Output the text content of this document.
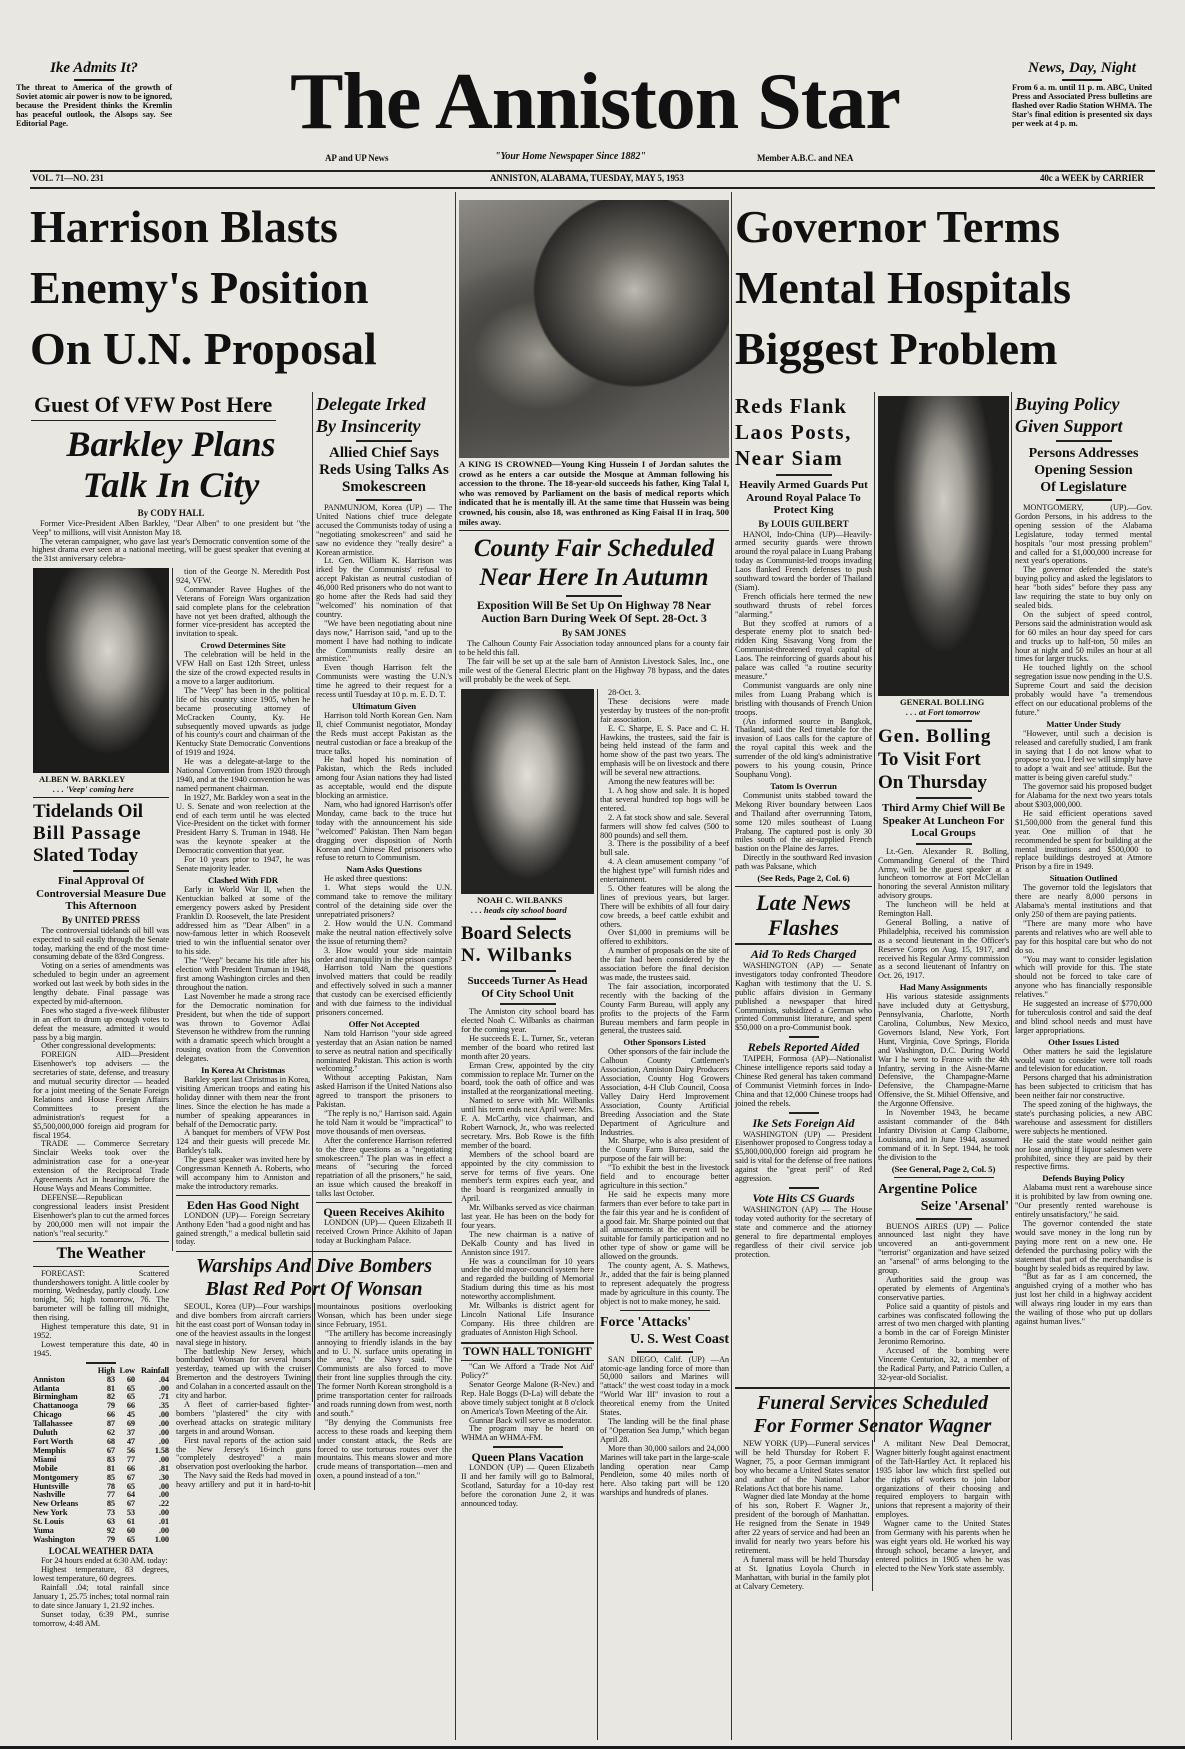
Ike Admits It?
The threat to America of the growth of Soviet atomic air power is now to be ignored, because the President thinks the Kremlin has peaceful outlook, the Alsops say. See Editorial Page.	The Anniston Star
AP and UP News	"Your Home Newspaper Since 1882"	Member A.B.C. and NEA
News, Day, Night
From 6 a. m. until 11 p. m. ABC, United Press and Associated Press bulletins are flashed over Radio Station WHMA. The Star's final edition is presented six days per week at 4 p. m.
VOL. 71—NO. 231	ANNISTON, ALABAMA, TUESDAY, MAY 5, 1953	40c a WEEK by CARRIER
Harrison Blasts
Enemy's Position
On U.N. Proposal
Governor Terms
Mental Hospitals
Biggest Problem
Guest Of VFW Post Here
Barkley Plans
Talk In City
By CODY HALL

Former Vice-President Alben Barkley, "Dear Alben" to one president but "the Veep" to millions, will visit Anniston May 18.

The veteran campaigner, who gave last year's Democratic convention some of the highest drama ever seen at a national meeting, will be guest speaker that evening at the 31st anniversary celebra-

ALBEN W. BARKLEY
. . . 'Veep' coming here
Tidelands Oil
Bill Passage
Slated Today
Final Approval Of Controversial Measure Due This Afternoon
By UNITED PRESS

The controversial tidelands oil bill was expected to sail easily through the Senate today, marking the end of the most time-consuming debate of the 83rd Congress.

Voting on a series of amendments was scheduled to begin under an agreement worked out last week by both sides in the lengthy debate. Final passage was expected by mid-afternoon.

Foes who staged a five-week filibuster in an effort to drum up enough votes to defeat the measure, admitted it would pass by a big margin.

Other congressional developments:

FOREIGN AID—President Eisenhower's top advisers — the secretaries of state, defense, and treasury and mutual security director — headed for a joint meeting of the Senate Foreign Relations and House Foreign Affairs Committees to present the administration's request for a $5,500,000,000 foreign aid program for fiscal 1954.

TRADE — Commerce Secretary Sinclair Weeks took over the administration case for a one-year extension of the Reciprocal Trade Agreements Act in hearings before the House Ways and Means Committee.

DEFENSE—Republican congressional leaders insist President Eisenhower's plan to cut the armed forces by 200,000 men will not impair the nation's "real security."

The Weather

FORECAST: Scattered thundershowers tonight. A little cooler by morning. Wednesday, partly cloudy. Low tonight, 56; high tomorrow, 76. The barometer will be falling till midnight, then rising.

Highest temperature this date, 91 in 1952.

Lowest temperature this date, 40 in 1945.

	High	Low	Rainfall
Anniston	83	60	.04
Atlanta	81	65	.00
Birmingham	82	65	.71
Chattanooga	79	66	.35
Chicago	66	45	.00
Tallahassee	87	69	.00
Duluth	62	37	.00
Fort Worth	68	47	.00
Memphis	67	56	1.58
Miami	83	77	.00
Mobile	81	66	.81
Montgomery	85	67	.30
Huntsville	78	65	.00
Nashville	77	64	.00
New Orleans	85	67	.22
New York	73	53	.00
St. Louis	63	61	.01
Yuma	92	60	.00
Washington	79	65	1.00
LOCAL WEATHER DATA

For 24 hours ended at 6:30 AM. today:

Highest temperature, 83 degrees, lowest temperature, 60 degrees.

Rainfall .04; total rainfall since January 1, 25.75 inches; total normal rain to date since January 1, 21.92 inches.

Sunset today, 6:39 PM., sunrise tomorrow, 4:48 AM.

tion of the George N. Meredith Post 924, VFW.

Commander Ravee Hughes of the Veterans of Foreign Wars organization said complete plans for the celebration have not yet been drafted, although the former vice-president has accepted the invitation to speak.

Crowd Determines Site

The celebration will be held in the VFW Hall on East 12th Street, unless the size of the crowd expected results in a move to a larger auditorium.

The "Veep" has been in the political life of his country since 1905, when he became prosecuting attorney of McCracken County, Ky. He subsequently moved upwards as judge of his county's court and chairman of the Kentucky State Democratic Conventions of 1919 and 1924.

He was a delegate-at-large to the National Convention from 1920 through 1940, and at the 1940 convention he was named permanent chairman.

In 1927, Mr. Barkley won a seat in the U. S. Senate and won reelection at the end of each term until he was elected Vice-President on the ticket with former President Harry S. Truman in 1948. He was the keynote speaker at the Democratic convention that year.

For 10 years prior to 1947, he was Senate majority leader.

Clashed With FDR

Early in World War II, when the Kentuckian balked at some of the emergency powers asked by President Franklin D. Roosevelt, the late President addressed him as "Dear Alben" in a now-famous letter in which Roosevelt tried to win the influential senator over to his side.

The "Veep" became his title after his election with President Truman in 1948, first among Washington circles and then throughout the nation.

Last November he made a strong race for the Democratic nomination for President, but when the tide of support was thrown to Governor Adlai Stevenson he withdrew from the running with a dramatic speech which brought a rousing ovation from the Convention delegates.

In Korea At Christmas

Barkley spent last Christmas in Korea, visiting American troops and eating his holiday dinner with them near the front lines. Since the election he has made a number of speaking appearances in behalf of the Democratic party.

A banquet for members of VFW Post 124 and their guests will precede Mr. Barkley's talk.

The guest speaker was invited here by Congressman Kenneth A. Roberts, who will accompany him to Anniston and make the introductory remarks.

Eden Has Good Night

LONDON (UP)— Foreign Secretary Anthony Eden "had a good night and has gained strength," a medical bulletin said today.

Delegate Irked
By Insincerity
Allied Chief Says Reds Using Talks As Smokescreen

PANMUNJOM, Korea (UP) — The United Nations chief truce delegate accused the Communists today of using a "negotiating smokescreen" and said he saw no evidence they "really desire" a Korean armistice.

Lt. Gen. William K. Harrison was irked by the Communists' refusal to accept Pakistan as neutral custodian of 46,000 Red prisoners who do not want to go home after the Reds had said they "welcomed" his nomination of that country.

"We have been negotiating about nine days now," Harrison said, "and up to the moment I have had nothing to indicate the Communists really desire an armistice."

Even though Harrison felt the Communists were wasting the U.N.'s time he agreed to their request for a recess until Tuesday at 10 p. m. E. D. T.

Ultimatum Given

Harrison told North Korean Gen. Nam Il, chief Communist negotiator, Monday the Reds must accept Pakistan as the neutral custodian or face a breakup of the truce talks.

He had hoped his nomination of Pakistan, which the Reds included among four Asian nations they had listed as acceptable, would end the dispute blocking an armistice.

Nam, who had ignored Harrison's offer Monday, came back to the truce hut today with the announcement his side "welcomed" Pakistan. Then Nam began dragging over disposition of North Korean and Chinese Red prisoners who refuse to return to Communism.

Nam Asks Questions

He asked three questions:

1. What steps would the U.N. command take to remove the military control of the detaining side over the unrepatriated prisoners?

2. How would the U.N. Command make the neutral nation effectively solve the issue of returning them?

3. How would your side maintain order and tranquility in the prison camps?

Harrison told Nam the questions involved matters that could be readily and effectively solved in such a manner that custody can be exercised efficiently and with due fairness to the individual prisoners concerned.

Offer Not Accepted

Nam told Harrison "your side agreed yesterday that an Asian nation be named to serve as neutral nation and specifically nominated Pakistan. This action is worth welcoming."

Without accepting Pakistan, Nam asked Harrison if the United Nations also agreed to transport the prisoners to Pakistan.

"The reply is no," Harrison said. Again he told Nam it would be "impractical" to move thousands of men overseas.

After the conference Harrison referred to the three questions as a "negotiating smokescreen." The plan was in effect a means of "securing the forced repatriation of all the prisoners," he said, an issue which caused the breakoff in talks last October.

Queen Receives Akihito

LONDON (UP)— Queen Elizabeth II received Crown Prince Akihito of Japan today at Buckingham Palace.

Warships And Dive Bombers
Blast Red Port Of Wonsan

SEOUL, Korea (UP)—Four warships and dive bombers from aircraft carriers hit the east coast port of Wonsan today in one of the heaviest assaults in the longest naval siege in history.

The battleship New Jersey, which bombarded Wonsan for several hours yesterday, teamed up with the cruiser Bremerton and the destroyers Twining and Colahan in a concerted assault on the city and harbor.

A fleet of carrier-based fighter-bombers "plastered" the city with overhead attacks on strategic military targets in and around Wonsan.

First naval reports of the action said the New Jersey's 16-inch guns "completely destroyed" a main observation post overlooking the harbor.

The Navy said the Reds had moved in heavy artillery and put it in hard-to-hit mountainous positions overlooking Wonsan, which has been under siege since February, 1951.

"The artillery has become increasingly annoying to friendly islands in the bay and to U. N. surface units operating in the area," the Navy said. "The Communists are also forced to move their front line supplies through the city. The former North Korean stronghold is a prime transportation center for railroads and roads running down from west, north and south."

"By denying the Communists free access to these roads and keeping them under constant attack, the Reds are forced to use torturous routes over the mountains. This means slower and more crude means of transportation—men and oxen, a pound instead of a ton."

A KING IS CROWNED—Young King Hussein I of Jordan salutes the crowd as he enters a car outside the Mosque at Amman following his accession to the throne. The 18-year-old succeeds his father, King Talal I, who was removed by Parliament on the basis of medical reports which indicated that he is mentally ill. At the same time that Hussein was being crowned, his cousin, also 18, was enthroned as King Faisal II in Iraq, 500 miles away.
County Fair Scheduled
Near Here In Autumn
Exposition Will Be Set Up On Highway 78 Near Auction Barn During Week Of Sept. 28-Oct. 3
By SAM JONES

The Calhoun County Fair Association today announced plans for a county fair to be held this fall.

The fair will be set up at the sale barn of Anniston Livestock Sales, Inc., one mile west of the General Electric plant on the Highway 78 bypass, and the dates will probably be the week of Sept.

NOAH C. WILBANKS
. . . heads city school board
Board Selects
N. Wilbanks
Succeeds Turner As Head Of City School Unit

The Anniston city school board has elected Noah C. Wilbanks as chairman for the coming year.

He succeeds E. L. Turner, Sr., veteran member of the board who retired last month after 20 years.

Erman Crew, appointed by the city commission to replace Mr. Turner on the board, took the oath of office and was installed at the reorganizational meeting.

Named to serve with Mr. Wilbanks until his term ends next April were: Mrs. F. A. McCarthy, vice chairman, and Robert Warnock, Jr., who was reelected secretary. Mrs. Bob Rowe is the fifth member of the board.

Members of the school board are appointed by the city commission to serve for terms of five years. One member's term expires each year, and the board is reorganized annually in April.

Mr. Wilbanks served as vice chairman last year. He has been on the body for four years.

The new chairman is a native of DeKalb County and has lived in Anniston since 1917.

He was a councilman for 10 years under the old mayor-council system here and regarded the building of Memorial Stadium during this time as his most noteworthy accomplishment.

Mr. Wilbanks is district agent for Lincoln National Life Insurance Company. His three children are graduates of Anniston High School.

TOWN HALL TONIGHT

"Can We Afford a 'Trade Not Aid' Policy?"

Senator George Malone (R-Nev.) and Rep. Hale Boggs (D-La) will debate the above timely subject tonight at 8 o'clock on America's Town Meeting of the Air.

Gunnar Back will serve as moderator.

The program may be heard on WHMA an WHMA-FM.

Queen Plans Vacation

LONDON (UP) — Queen Elizabeth II and her family will go to Balmoral, Scotland, Saturday for a 10-day rest before the coronation June 2, it was announced today.

28-Oct. 3.

These decisions were made yesterday by trustees of the non-profit fair association.

E. C. Sharpe, E. S. Pace and C. H. Hawkins, the trustees, said the fair is being held instead of the farm and home show of the past two years. The emphasis will be on livestock and there will be several new attractions.

Among the new features will be:

1. A hog show and sale. It is hoped that several hundred top hogs will be entered.

2. A fat stock show and sale. Several farmers will show fed calves (500 to 800 pounds) and sell them.

3. There is the possibility of a beef bull sale.

4. A clean amusement company "of the highest type" will furnish rides and entertainment.

5. Other features will be along the lines of previous years, but larger. There will be exhibits of all four dairy cow breeds, a beef cattle exhibit and others.

Over $1,000 in premiums will be offered to exhibitors.

A number of proposals on the site of the fair had been considered by the association before the final decision was made, the trustees said.

The fair association, incorporated recently with the backing of the County Farm Bureau, will apply any profits to the projects of the Farm Bureau members and farm people in general, the trustees said.

Other Sponsors Listed

Other sponsors of the fair include the Calhoun County Cattlemen's Association, Anniston Dairy Producers Association, County Hog Growers Association, 4-H Club Council, Coosa Valley Dairy Herd Improvement Association, County Artificial Breeding Association and the State Department of Agriculture and Industries.

Mr. Sharpe, who is also president of the County Farm Bureau, said the purpose of the fair will be:

"To exhibit the best in the livestock field and to encourage better agriculture in this section."

He said he expects many more farmers than ever before to take part in the fair this year and he is confident of a good fair. Mr. Sharpe pointed out that all amusements at the event will be suitable for family participation and no other type of show or game will be allowed on the grounds.

The county agent, A. S. Mathews, Jr., added that the fair is being planned to represent adequately the progress made by agriculture in this county. The object is not to make money, he said.

Force 'Attacks'
U. S. West Coast

SAN DIEGO, Calif. (UP) —An atomic-age landing force of more than 50,000 sailors and Marines will "attack" the west coast today in a mock "World War III" invasion to rout a theoretical enemy from the United States.

The landing will be the final phase of "Operation Sea Jump," which began April 28.

More than 30,000 sailors and 24,000 Marines will take part in the large-scale landing operation near Camp Pendleton, some 40 miles north of here. Also taking part will be 120 warships and hundreds of planes.

Reds Flank
Laos Posts,
Near Siam
Heavily Armed Guards Put Around Royal Palace To Protect King
By LOUIS GUILBERT

HANOI, Indo-China (UP)—Heavily-armed security guards were thrown around the royal palace in Luang Prabang today as Communist-led troops invading Laos flanked French defenses to push southward toward the border of Thailand (Siam).

French officials here termed the new southward thrusts of rebel forces "alarming."

But they scoffed at rumors of a desperate enemy plot to snatch bed-ridden King Sisavang Vong from the Communist-threatened royal capital of Laos. The reinforcing of guards about his palace was called "a routine security measure."

Communist vanguards are only nine miles from Luang Prabang which is bristling with thousands of French Union troops.

(An informed source in Bangkok, Thailand, said the Red timetable for the invasion of Laos calls for the capture of the royal capital this week and the surrender of the old king's administrative powers to his young cousin, Prince Souphanu Vong).

Tatom Is Overrun

Communist units stabbed toward the Mekong River boundary between Laos and Thailand after overrunning Tatom, some 120 miles southeast of Luang Prabang. The captured post is only 30 miles south of the air-supplied French bastion on the Plaine des Jarres.

Directly in the southward Red invasion path was Paksane, which

(See Reds, Page 2, Col. 6)

Late News
Flashes
Aid To Reds Charged

WASHINGTON (AP) — Senate investigators today confronted Theodore Kaghan with testimony that the U. S. public affairs division in Germany published a newspaper that hired Communists, subsidized a German who printed Communist literature, and spent $50,000 on a pro-Communist book.

Rebels Reported Aided

TAIPEH, Formosa (AP)—Nationalist Chinese intelligence reports said today a Chinese Red general has taken command of Communist Vietminh forces in Indo-China and that 12,000 Chinese troops had joined the rebels.

Ike Sets Foreign Aid

WASHINGTON (UP) — President Eisenhower proposed to Congress today a $5,800,000,000 foreign aid program he said is vital for the defense of free nations against the "great peril" of Red aggression.

Vote Hits CS Guards

WASHINGTON (AP) — The House today voted authority for the secretary of state and commerce and the attorney general to fire departmental employes regardless of their civil service job protection.

GENERAL BOLLING
. . . at Fort tomorrow
Gen. Bolling
To Visit Fort
On Thursday
Third Army Chief Will Be Speaker At Luncheon For Local Groups

Lt.-Gen. Alexander R. Bolling, Commanding General of the Third Army, will be the guest speaker at a luncheon tomorrow at Fort McClellan honoring the several Anniston military advisory groups.

The luncheon will be held at Remington Hall.

General Bolling, a native of Philadelphia, received his commission as a second lieutenant in the Officer's Reserve Corps on Aug. 15, 1917, and received his Regular Army commission as a second lieutenant of Infantry on Oct. 26, 1917.

Had Many Assignments

His various stateside assignments have included duty at Gettysburg, Pennsylvania, Charlotte, North Carolina, Columbus, New Mexico, Governors Island, New York, Fort Hunt, Virginia, Cove Springs, Florida and Washington, D.C. During World War I he went to France with the 4th Infantry, serving in the Aisne-Marne Defensive, the Champagne-Marne Defensive, the Champagne-Marne Offensive, the St. Mihiel Offensive, and the Argonne Offensive.

In November 1943, he became assistant commander of the 84th Infantry Division at Camp Claiborne, Louisiana, and in June 1944, assumed command of it. In Sept. 1944, he took the division to the

(See General, Page 2, Col. 5)

Argentine Police
Seize 'Arsenal'

BUENOS AIRES (UP) — Police announced last night they have uncovered an anti-government "terrorist" organization and have seized an "arsenal" of arms belonging to the group.

Authorities said the group was operated by elements of Argentina's conservative parties.

Police said a quantity of pistols and carbines was confiscated following the arrest of two men charged with planting a bomb in the car of Foreign Minister Jeronimo Remorino.

Accused of the bombing were Vincente Centurion, 32, a member of the Radical Party, and Patricio Cullen, a 32-year-old Socialist.

Funeral Services Scheduled
For Former Senator Wagner

NEW YORK (UP)—Funeral services will be held Thursday for Robert F. Wagner, 75, a poor German immigrant boy who became a United States senator and author of the National Labor Relations Act that bore his name.

Wagner died late Monday at the home of his son, Robert F. Wagner Jr., president of the borough of Manhattan. He resigned from the Senate in 1949 after 22 years of service and had been an invalid for nearly two years before his retirement.

A funeral mass will be held Thursday at St. Ignatius Loyola Church in Manhattan, with burial in the family plot at Calvary Cemetery.

A militant New Deal Democrat, Wagner bitterly fought against enactment of the Taft-Hartley Act. It replaced his 1935 labor law which first spelled out the rights of workers to join labor organizations of their choosing and required employers to bargain with unions that represent a majority of their employes.

Wagner came to the United States from Germany with his parents when he was eight years old. He worked his way through school, became a lawyer, and entered politics in 1905 when he was elected to the New York state assembly.

Buying Policy
Given Support
Persons Addresses
Opening Session
Of Legislature

MONTGOMERY, (UP).—Gov. Gordon Persons, in his address to the opening session of the Alabama Legislature, today termed mental hospitals "our most pressing problem" and called for a $1,000,000 increase for next year's operations.

The governor defended the state's buying policy and asked the legislators to hear "both sides" before they pass any law requiring the state to buy only on sealed bids.

On the subject of speed control, Persons said the administration would ask for 60 miles an hour day speed for cars and trucks up to half-ton, 50 miles an hour at night and 50 miles an hour at all times for larger trucks.

He touched lightly on the school segregation issue now pending in the U.S. Supreme Court and said the decision probably would have "a tremendous effect on our educational problems of the future."

Matter Under Study

"However, until such a decision is released and carefully studied, I am frank in saying that I do not know what to propose to you. I feel we will simply have to adopt a 'wait and see' attitude. But the matter is being given careful study."

The governor said his proposed budget for Alabama for the next two years totals about $303,000,000.

He said efficient operations saved $1,500,000 from the general fund this year. One million of that he recommended be spent for building at the mental institutions and $500,000 to replace buildings destroyed at Atmore Prison by a fire in 1949.

Situation Outlined

The governor told the legislators that there are nearly 8,000 persons in Alabama's mental institutions and that only 250 of them are paying patients.

"There are many more who have parents and relatives who are well able to pay for this hospital care but who do not do so.

"You may want to consider legislation which will provide for this. The state should not be forced to take care of anyone who has financially responsible relatives."

He suggested an increase of $770,000 for tuberculosis control and said the deaf and blind school needs and must have larger appropriations.

Other Issues Listed

Other matters he said the legislature would want to consider were toll roads and television for education.

Persons charged that his administration has been subjected to criticism that has been neither fair nor constructive.

The speed zoning of the highways, the state's purchasing policies, a new ABC warehouse and assessment for distillers were subjects he mentioned.

He said the state would neither gain nor lose anything if liquor salesmen were prohibited, since they are paid by their respective firms.

Defends Buying Policy

Alabama must rent a warehouse since it is prohibited by law from owning one. "Our presently rented warehouse is entirely unsatisfactory," he said.

The governor contended the state would save money in the long run by paying more rent on a new one. He defended the purchasing policy with the statement that part of the merchandise is bought by sealed bids as required by law.

"But as far as I am concerned, the anguished crying of a mother who has just lost her child in a highway accident will always ring louder in my ears than the wailing of those who put up dollars against human lives."
